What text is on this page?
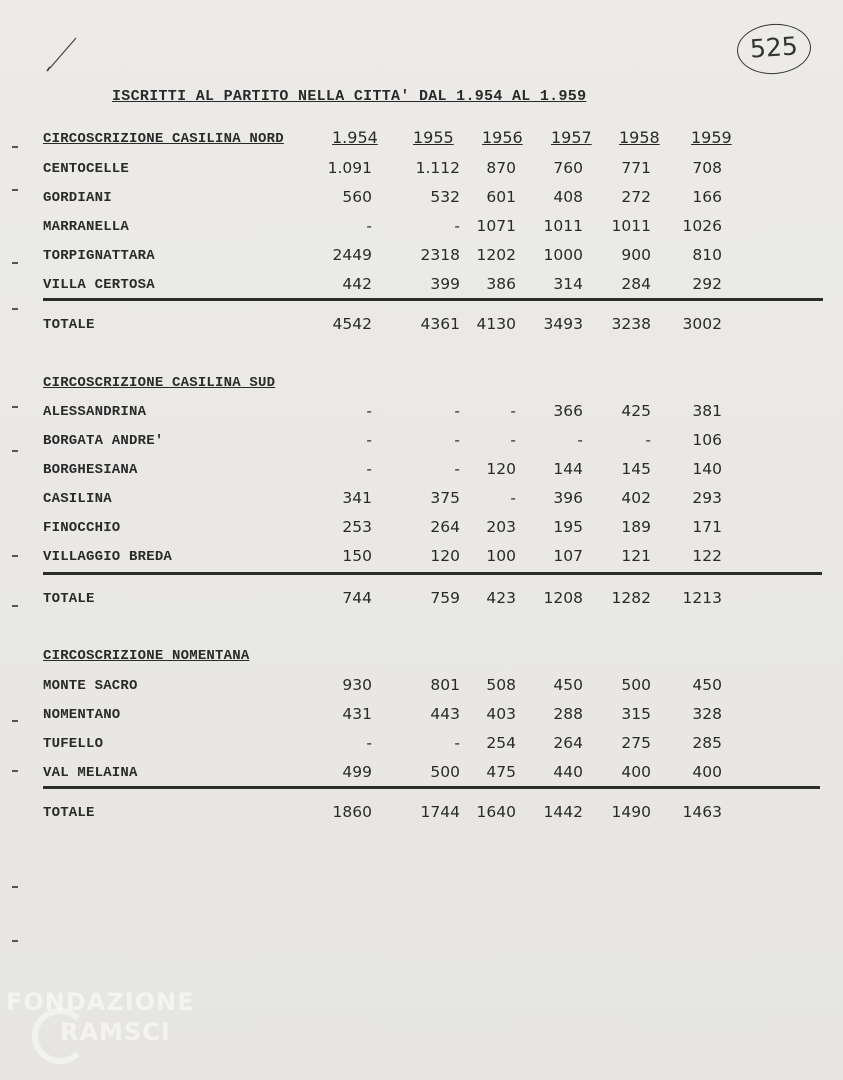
525
ISCRITTI AL PARTITO NELLA CITTA' DAL 1.954 AL 1.959
CIRCOSCRIZIONE CASILINA NORD	1.954 1955 1956 1957 1958 1959
CENTOCELLE	1.091	1.112	870	760	771	708
GORDIANI	560	532	601	408	272	166
MARRANELLA	-	-	1071	1011	1011	1026
TORPIGNATTARA	2449	2318	1202	1000	900	810
VILLA CERTOSA	442	399	386	314	284	292
TOTALE	4542	4361	4130	3493	3238	3002
CIRCOSCRIZIONE CASILINA SUD
ALESSANDRINA	-	-	-	366	425	381
BORGATA ANDRE'	-	-	-	-	-	106
BORGHESIANA	-	-	120	144	145	140
CASILINA	341	375	-	396	402	293
FINOCCHIO	253	264	203	195	189	171
VILLAGGIO BREDA	150	120	100	107	121	122
TOTALE	744	759	423	1208	1282	1213
CIRCOSCRIZIONE NOMENTANA
MONTE SACRO	930	801	508	450	500	450
NOMENTANO	431	443	403	288	315	328
TUFELLO	-	-	254	264	275	285
VAL MELAINA	499	500	475	440	400	400
TOTALE	1860	1744	1640	1442	1490	1463
FONDAZIONE
RAMSCI
